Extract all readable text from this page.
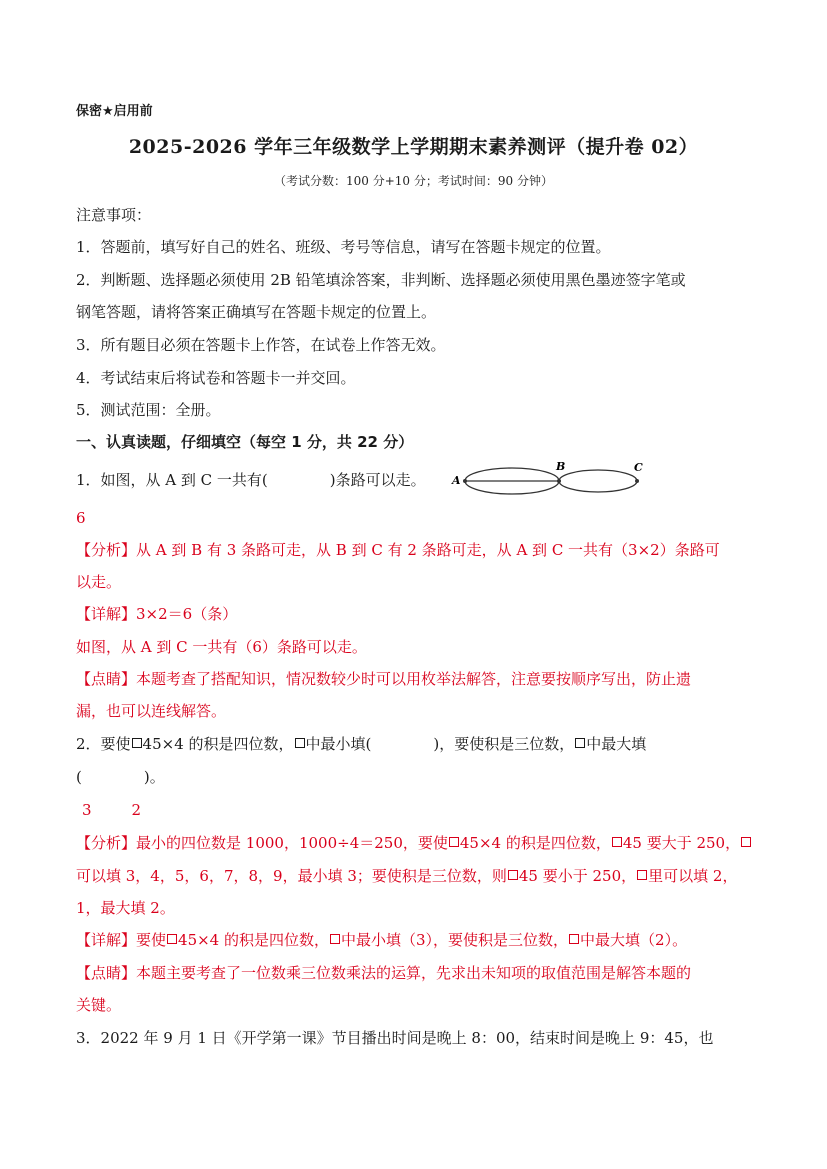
保密★启用前
2025-2026 学年三年级数学上学期期末素养测评（提升卷 02）
（考试分数：100 分+10 分；考试时间：90 分钟）
注意事项：
1．答题前，填写好自己的姓名、班级、考号等信息，请写在答题卡规定的位置。
2．判断题、选择题必须使用 2B 铅笔填涂答案，非判断、选择题必须使用黑色墨迹签字笔或
钢笔答题，请将答案正确填写在答题卡规定的位置上。
3．所有题目必须在答题卡上作答，在试卷上作答无效。
4．考试结束后将试卷和答题卡一并交回。
5．测试范围：全册。
一、认真读题，仔细填空（每空 1 分，共 22 分）
1．如图，从 A 到 C 一共有(	)条路可以走。 A
B	C
6
【分析】从 A 到 B 有 3 条路可走，从 B 到 C 有 2 条路可走，从 A 到 C 一共有（3×2）条路可
以走。
【详解】3×2＝6（条）
如图，从 A 到 C 一共有（6）条路可以走。
【点睛】本题考查了搭配知识，情况数较少时可以用枚举法解答，注意要按顺序写出，防止遗
漏，也可以连线解答。
2．要使 45×4 的积是四位数， 中最小填(	)，要使积是三位数， 中最大填
(	)。
3	2
【分析】最小的四位数是 1000，1000÷4＝250，要使 45×4 的积是四位数， 45 要大于 250，
可以填 3，4，5，6，7，8，9，最小填 3；要使积是三位数，则 45 要小于 250， 里可以填 2，
1，最大填 2。
【详解】要使 45×4 的积是四位数， 中最小填（3），要使积是三位数， 中最大填（2）。
【点睛】本题主要考查了一位数乘三位数乘法的运算，先求出未知项的取值范围是解答本题的
关键。
3．2022 年 9 月 1 日《开学第一课》节目播出时间是晚上 8：00，结束时间是晚上 9：45，也
